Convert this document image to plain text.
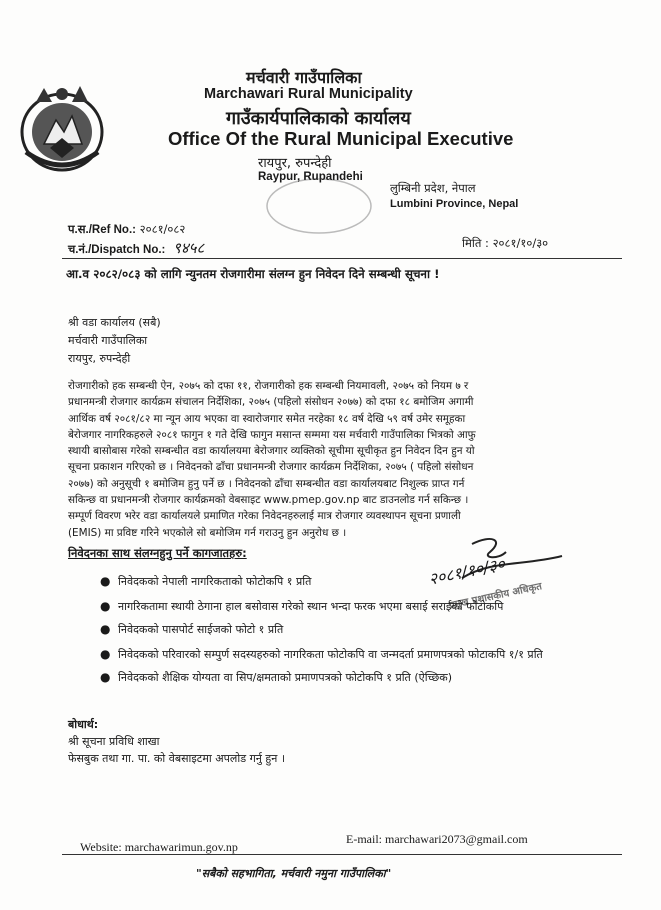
मर्चवारी गाउँपालिका
Marchawari Rural Municipality
गाउँकार्यपालिकाको कार्यालय
Office Of the Rural Municipal Executive
रायपुर, रुपन्देही
Raypur, Rupandehi
लुम्बिनी प्रदेश, नेपाल
Lumbini Province, Nepal
प.स./Ref No.: २०८१/०८२
च.नं./Dispatch No.: ९४५८	मिति : २०८१/१०/३०
आ.व २०८२/०८३ को लागि न्युनतम रोजगारीमा संलग्न हुन निवेदन दिने सम्बन्धी सूचना !
श्री वडा कार्यालय (सबै)
मर्चवारी गाउँपालिका
रायपुर, रुपन्देही
रोजगारीको हक सम्बन्धी ऐन, २०७५ को दफा ११, रोजगारीको हक सम्बन्धी नियमावली, २०७५ को नियम ७ र
प्रधानमन्त्री रोजगार कार्यक्रम संचालन निर्देशिका, २०७५ (पहिलो संसोधन २०७७) को दफा १८ बमोजिम अगामी
आर्थिक वर्ष २०८१/८२ मा न्यून आय भएका वा स्वारोजगार समेत नरहेका १८ वर्ष देखि ५९ वर्ष उमेर समूहका
बेरोजगार नागरिकहरुले २०८१ फागुन १ गते देखि फागुन मसान्त सम्ममा यस मर्चवारी गाउँपालिका भित्रको आफु
स्थायी बासोबास गरेको सम्बन्धीत वडा कार्यालयमा बेरोजगार व्यक्तिको सूचीमा सूचीकृत हुन निवेदन दिन हुन यो
सूचना प्रकाशन गरिएको छ । निवेदनको ढाँचा प्रधानमन्त्री रोजगार कार्यक्रम निर्देशिका, २०७५ ( पहिलो संसोधन
२०७७) को अनुसूची १ बमोजिम हुनु पर्ने छ । निवेदनको ढाँचा सम्बन्धीत वडा कार्यालयबाट निशुल्क प्राप्त गर्न
सकिन्छ वा प्रधानमन्त्री रोजगार कार्यक्रमको वेबसाइट www.pmep.gov.np बाट डाउनलोड गर्न सकिन्छ ।
सम्पूर्ण विवरण भरेर वडा कार्यालयले प्रमाणित गरेका निवेदनहरुलाई मात्र रोजगार व्यवस्थापन सूचना प्रणाली
(EMIS) मा प्रविष्ट गरिने भएकोले सो बमोजिम गर्न गराउनु हुन अनुरोध छ ।
निवेदनका साथ संलग्नहुनु पर्ने कागजातहरु:
२०८१/१०/३०
प्रमुख प्रशासकीय अधिकृत
● निवेदकको नेपाली नागरिकताको फोटोकपि १ प्रति
● नागरिकतामा स्थायी ठेगाना हाल बसोवास गरेको स्थान भन्दा फरक भएमा बसाई सराईको फोटोकपि
● निवेदकको पासपोर्ट साईजको फोटो १ प्रति
● निवेदकको परिवारको सम्पुर्ण सदस्यहरुको नागरिकता फोटोकपि वा जन्मदर्ता प्रमाणपत्रको फोटाकपि १/१ प्रति
● निवेदकको शैक्षिक योग्यता वा सिप/क्षमताको प्रमाणपत्रको फोटोकपि १ प्रति (ऐच्छिक)
बोधार्थ:
श्री सूचना प्रविधि शाखा
फेसबुक तथा गा. पा. को वेबसाइटमा अपलोड गर्नु हुन ।
Website: marchawarimun.gov.np
E-mail: marchawari2073@gmail.com
"सबैको सहभागिता, मर्चवारी नमुना गाउँपालिका"
